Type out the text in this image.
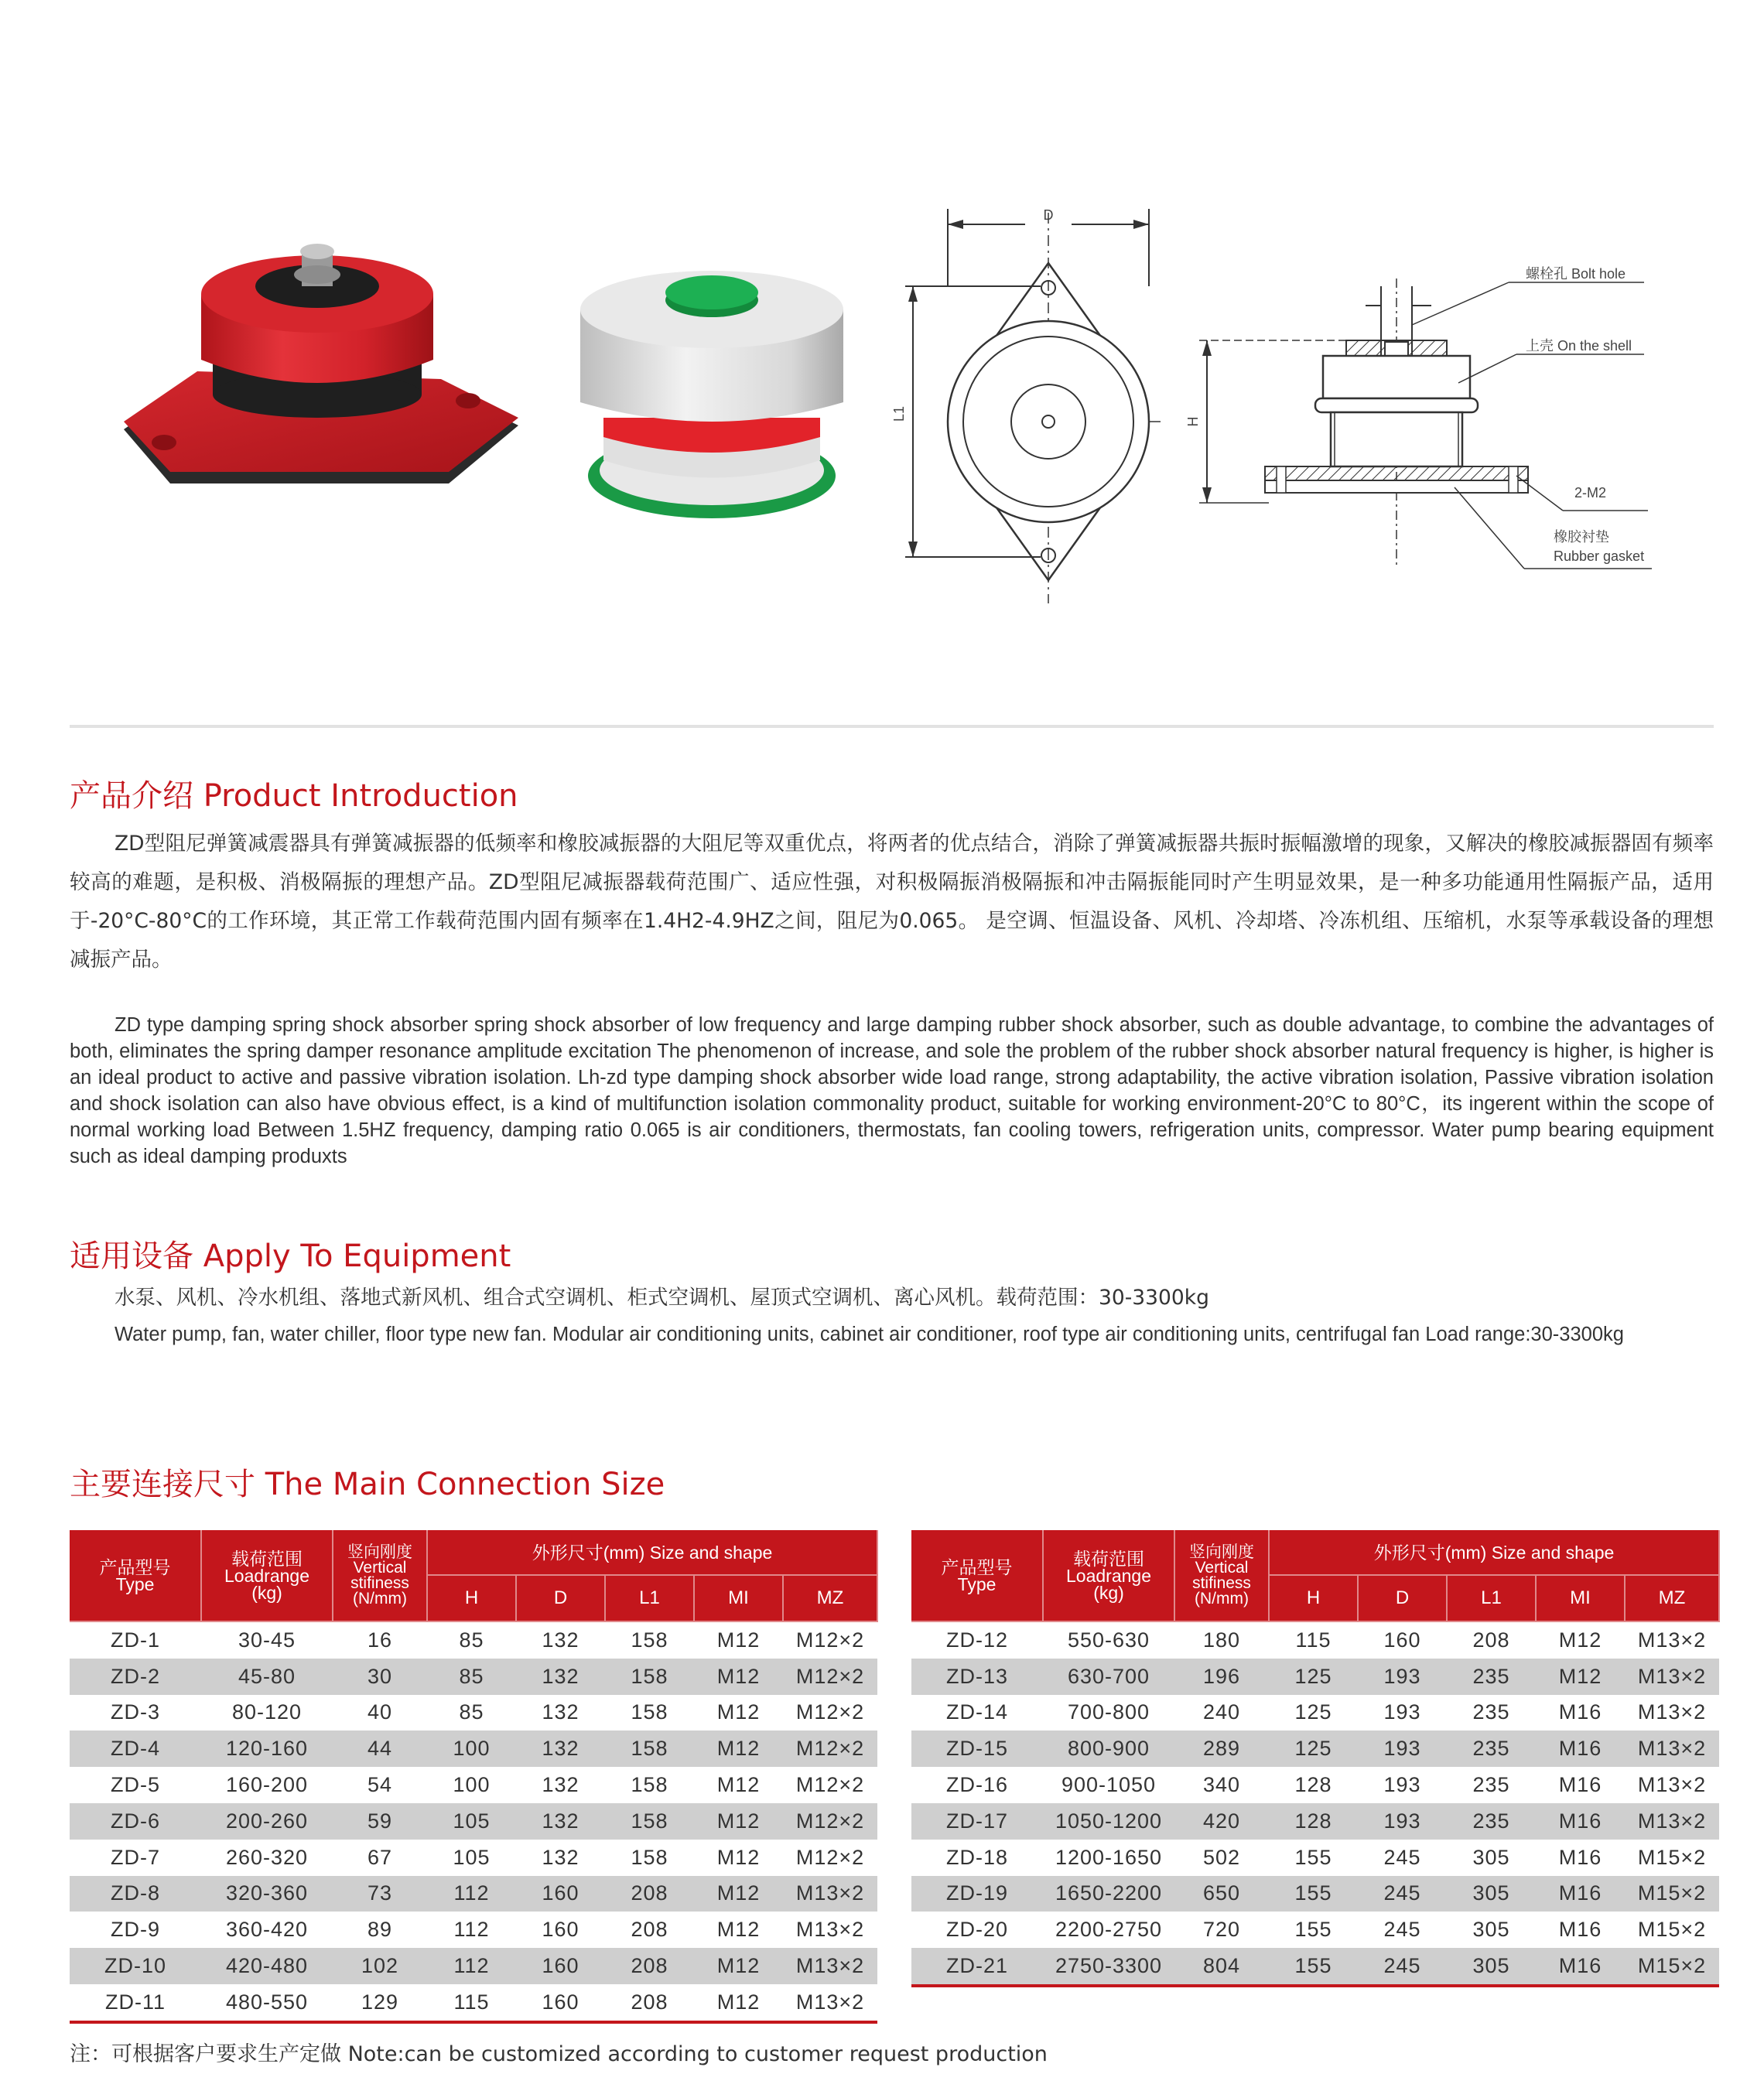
D
L1	H
螺栓孔 Bolt hole
上壳 On the shell
2-M2
橡胶衬垫
Rubber gasket
产品介绍 Product Introduction
ZD型阻尼弹簧减震器具有弹簧减振器的低频率和橡胶减振器的大阻尼等双重优点，将两者的优点结合，消除了弹簧减振器共振时振幅激增的现象，又解决的橡胶减振器固有频率较高的难题，是积极、消极隔振的理想产品。ZD型阻尼减振器载荷范围广、适应性强，对积极隔振消极隔振和冲击隔振能同时产生明显效果，是一种多功能通用性隔振产品，适用于-20°C-80°C的工作环境，其正常工作载荷范围内固有频率在1.4H2-4.9HZ之间，阻尼为0.065。 是空调、恒温设备、风机、冷却塔、冷冻机组、压缩机，水泵等承载设备的理想减振产品。
ZD type damping spring shock absorber spring shock absorber of low frequency and large damping rubber shock absorber, such as double advantage, to combine the advantages of both, eliminates the spring damper resonance amplitude excitation The phenomenon of increase, and sole the problem of the rubber shock absorber natural frequency is higher, is higher is an ideal product to active and passive vibration isolation. Lh-zd type damping shock absorber wide load range, strong adaptability, the active vibration isolation, Passive vibration isolation and shock isolation can also have obvious effect, is a kind of multifunction isolation commonality product, suitable for working environment-20°C to 80°C，its ingerent within the scope of normal working load Between 1.5HZ frequency, damping ratio 0.065 is air conditioners, thermostats, fan cooling towers, refrigeration units, compressor. Water pump bearing equipment such as ideal damping produxts
适用设备 Apply To Equipment
水泵、风机、冷水机组、落地式新风机、组合式空调机、柜式空调机、屋顶式空调机、离心风机。载荷范围：30-3300kg
Water pump, fan, water chiller, floor type new fan. Modular air conditioning units, cabinet air conditioner, roof type air conditioning units, centrifugal fan Load range:30-3300kg
主要连接尺寸 The Main Connection Size
产品型号
Type	载荷范围
Loadrange
(kg)	竖向刚度
Vertical
stifiness
(N/mm)	外形尺寸(mm) Size and shape				
			H	D	L1	MI	MZ
ZD-1	30-45	16	85	132	158	M12	M12×2
ZD-2	45-80	30	85	132	158	M12	M12×2
ZD-3	80-120	40	85	132	158	M12	M12×2
ZD-4	120-160	44	100	132	158	M12	M12×2
ZD-5	160-200	54	100	132	158	M12	M12×2
ZD-6	200-260	59	105	132	158	M12	M12×2
ZD-7	260-320	67	105	132	158	M12	M12×2
ZD-8	320-360	73	112	160	208	M12	M13×2
ZD-9	360-420	89	112	160	208	M12	M13×2
ZD-10	420-480	102	112	160	208	M12	M13×2
ZD-11	480-550	129	115	160	208	M12	M13×2
产品型号
Type	载荷范围
Loadrange
(kg)	竖向刚度
Vertical
stifiness
(N/mm)	外形尺寸(mm) Size and shape				
			H	D	L1	MI	MZ
ZD-12	550-630	180	115	160	208	M12	M13×2
ZD-13	630-700	196	125	193	235	M12	M13×2
ZD-14	700-800	240	125	193	235	M16	M13×2
ZD-15	800-900	289	125	193	235	M16	M13×2
ZD-16	900-1050	340	128	193	235	M16	M13×2
ZD-17	1050-1200	420	128	193	235	M16	M13×2
ZD-18	1200-1650	502	155	245	305	M16	M15×2
ZD-19	1650-2200	650	155	245	305	M16	M15×2
ZD-20	2200-2750	720	155	245	305	M16	M15×2
ZD-21	2750-3300	804	155	245	305	M16	M15×2
注：可根据客户要求生产定做 Note:can be customized according to customer request production
